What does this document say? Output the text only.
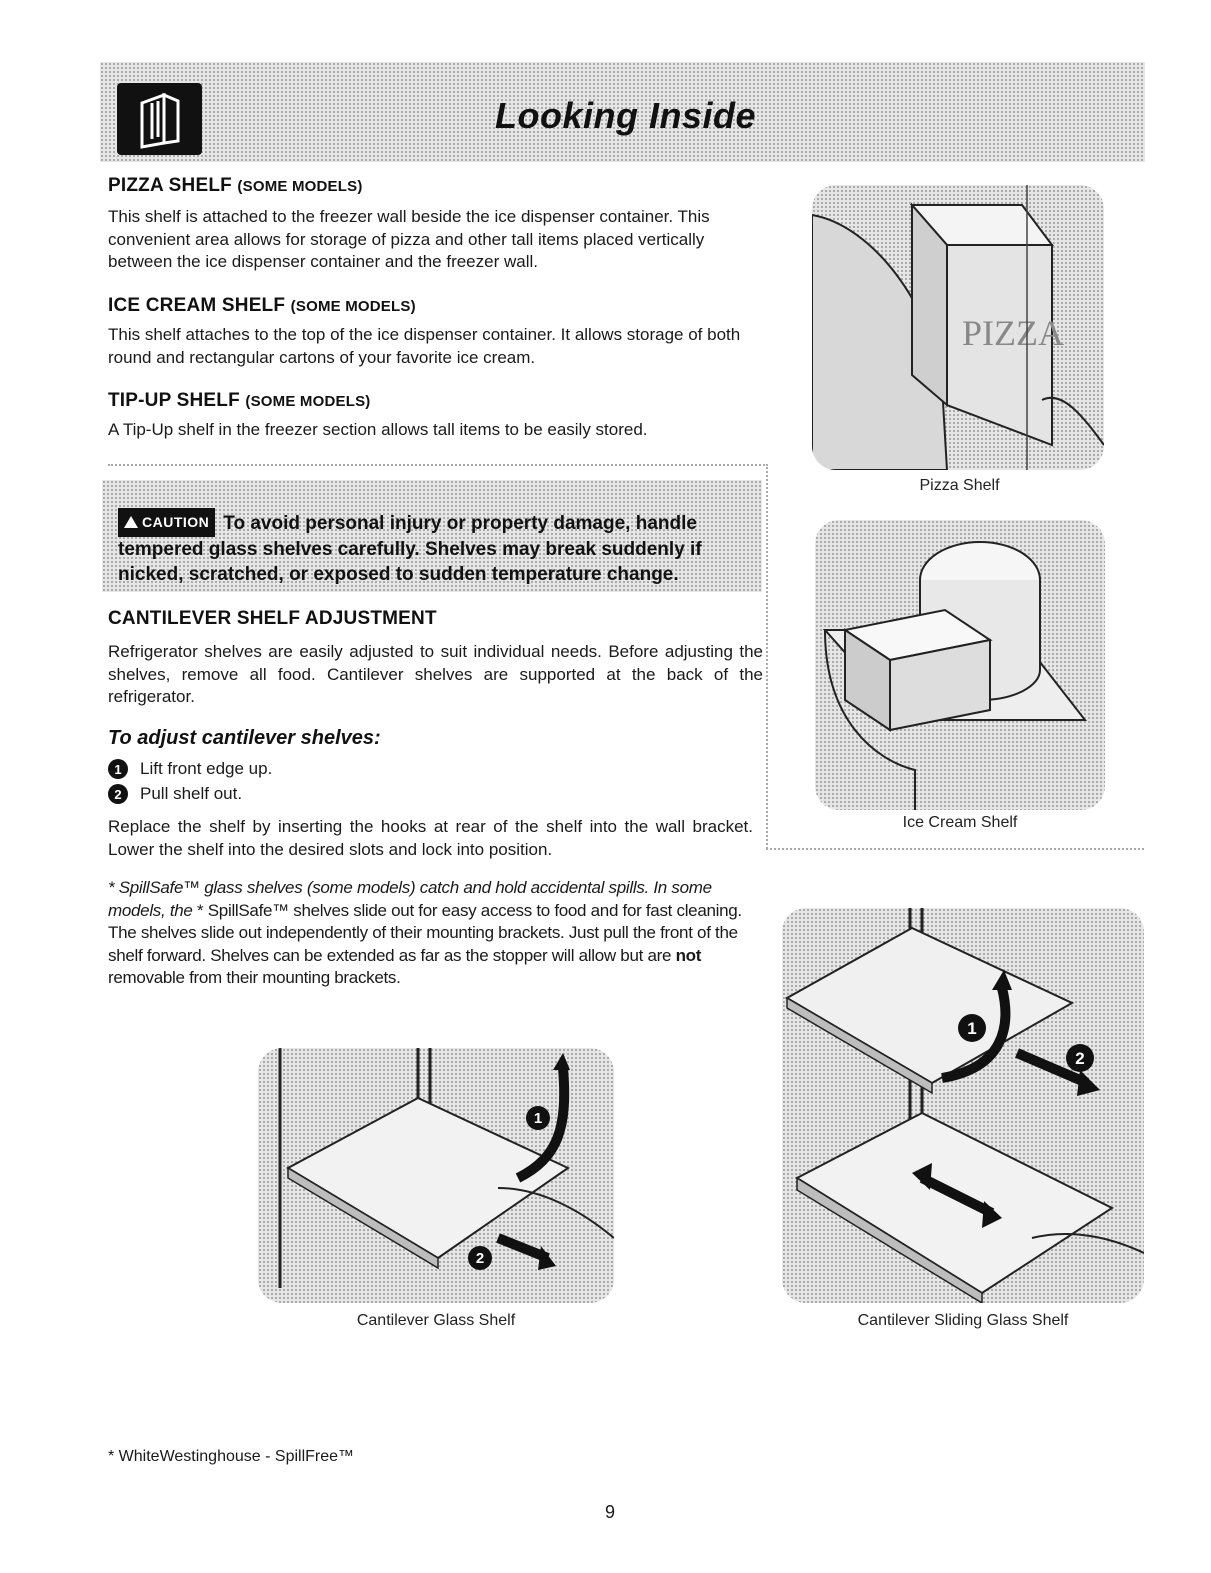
Looking Inside
PIZZA SHELF (SOME MODELS)

This shelf is attached to the freezer wall beside the ice dispenser container. This convenient area allows for storage of pizza and other tall items placed vertically between the ice dispenser container and the freezer wall.

ICE CREAM SHELF (SOME MODELS)

This shelf attaches to the top of the ice dispenser container. It allows storage of both round and rectangular cartons of your favorite ice cream.

TIP-UP SHELF (SOME MODELS)

A Tip-Up shelf in the freezer section allows tall items to be easily stored.

CAUTION To avoid personal injury or property damage, handle tempered glass shelves carefully. Shelves may break suddenly if nicked, scratched, or exposed to sudden temperature change.
CANTILEVER SHELF ADJUSTMENT

Refrigerator shelves are easily adjusted to suit individual needs. Before adjusting the shelves, remove all food. Cantilever shelves are supported at the back of the refrigerator.

To adjust cantilever shelves:
1	Lift front edge up.
2	Pull shelf out.

Replace the shelf by inserting the hooks at rear of the shelf into the wall bracket. Lower the shelf into the desired slots and lock into position.

* SpillSafe™ glass shelves (some models) catch and hold accidental spills. In some models, the * SpillSafe™ shelves slide out for easy access to food and for fast cleaning. The shelves slide out independently of their mounting brackets. Just pull the front of the shelf forward. Shelves can be extended as far as the stopper will allow but are not removable from their mounting brackets.

PIZZA
Pizza Shelf
Ice Cream Shelf
1
2
Cantilever Glass Shelf
1
2
Cantilever Sliding Glass Shelf
* WhiteWestinghouse - SpillFree™
9
